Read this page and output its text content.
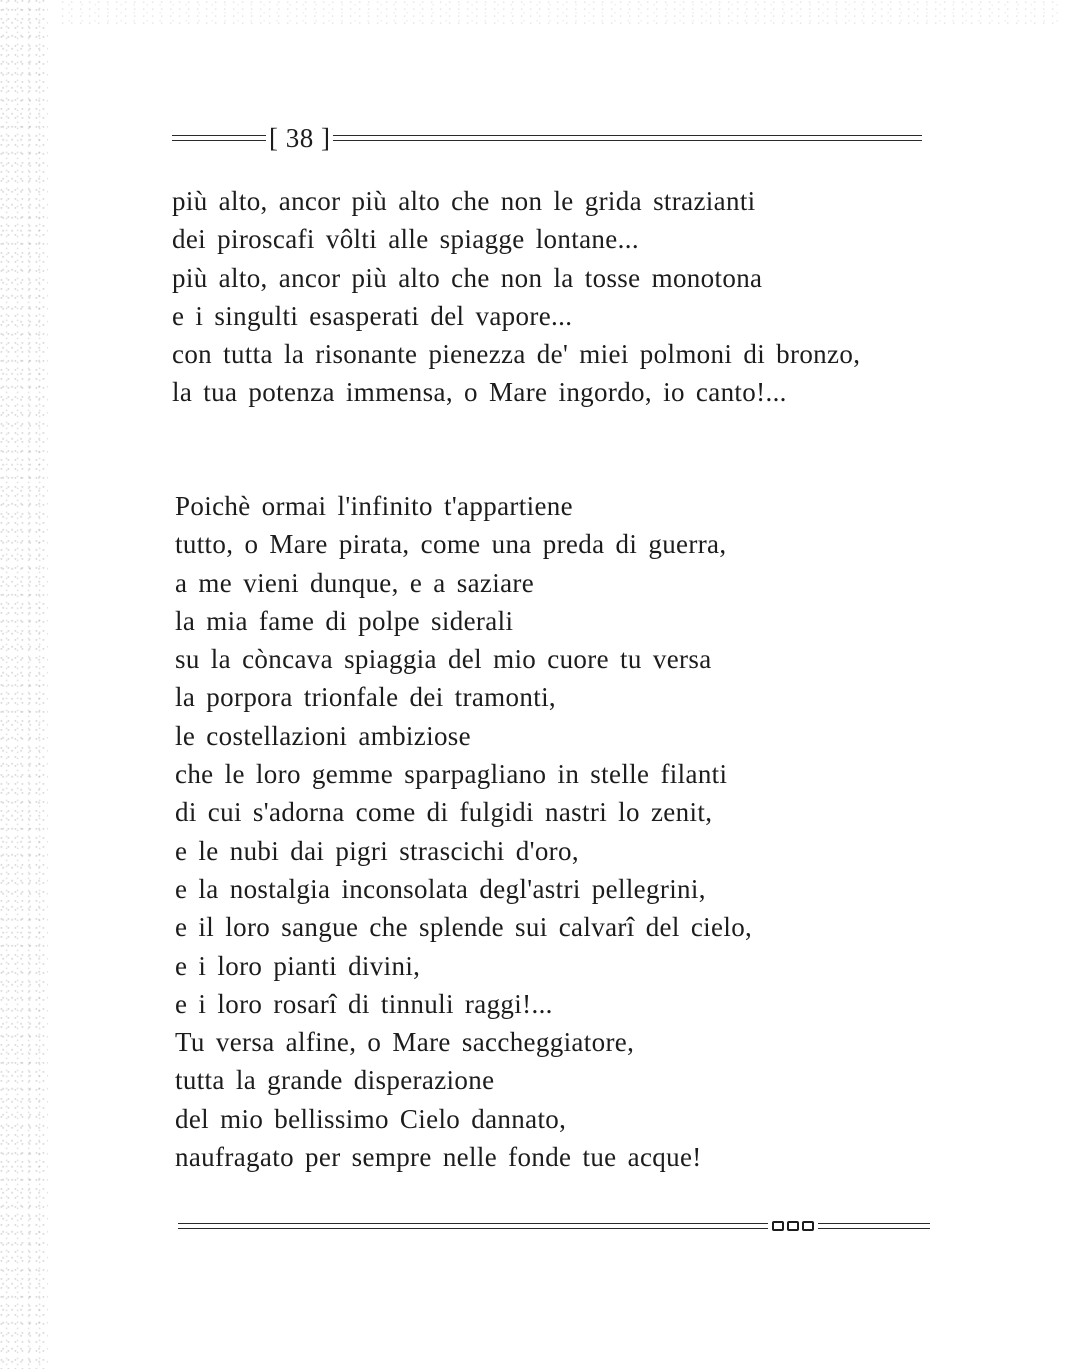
[ 38 ]
più alto, ancor più alto che non le grida strazianti
dei piroscafi vôlti alle spiagge lontane...
più alto, ancor più alto che non la tosse monotona
e i singulti esasperati del vapore...
con tutta la risonante pienezza de' miei polmoni di bronzo,
la tua potenza immensa, o Mare ingordo, io canto!...
Poichè ormai l'infinito t'appartiene
tutto, o Mare pirata, come una preda di guerra,
a me vieni dunque, e a saziare
la mia fame di polpe siderali
su la còncava spiaggia del mio cuore tu versa
la porpora trionfale dei tramonti,
le costellazioni ambiziose
che le loro gemme sparpagliano in stelle filanti
di cui s'adorna come di fulgidi nastri lo zenit,
e le nubi dai pigri strascichi d'oro,
e la nostalgia inconsolata degl'astri pellegrini,
e il loro sangue che splende sui calvarî del cielo,
e i loro pianti divini,
e i loro rosarî di tinnuli raggi!...
Tu versa alfine, o Mare saccheggiatore,
tutta la grande disperazione
del mio bellissimo Cielo dannato,
naufragato per sempre nelle fonde tue acque!
